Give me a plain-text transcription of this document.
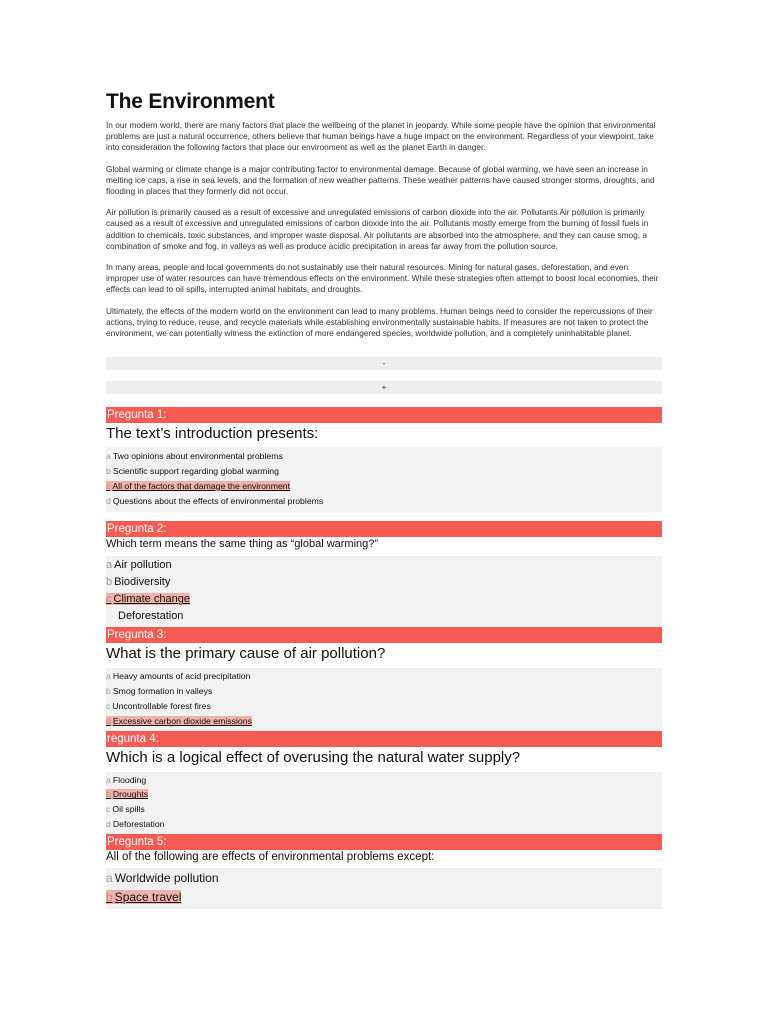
The Environment

In our modern world, there are many factors that place the wellbeing of the planet in jeopardy. While some people have the opinion that environmental problems are just a natural occurrence, others believe that human beings have a huge impact on the environment. Regardless of your viewpoint, take into consideration the following factors that place our environment as well as the planet Earth in danger.

Global warming or climate change is a major contributing factor to environmental damage. Because of global warming, we have seen an increase in melting ice caps, a rise in sea levels, and the formation of new weather patterns. These weather patterns have caused stronger storms, droughts, and flooding in places that they formerly did not occur.

Air pollution is primarily caused as a result of excessive and unregulated emissions of carbon dioxide into the air. Pollutants Air pollution is primarily caused as a result of excessive and unregulated emissions of carbon dioxide into the air. Pollutants mostly emerge from the burning of fossil fuels in addition to chemicals, toxic substances, and improper waste disposal. Air pollutants are absorbed into the atmosphere, and they can cause smog, a combination of smoke and fog, in valleys as well as produce acidic precipitation in areas far away from the pollution source.

In many areas, people and local governments do not sustainably use their natural resources. Mining for natural gases, deforestation, and even improper use of water resources can have tremendous effects on the environment. While these strategies often attempt to boost local economies, their effects can lead to oil spills, interrupted animal habitats, and droughts.

Ultimately, the effects of the modern world on the environment can lead to many problems. Human beings need to consider the repercussions of their actions, trying to reduce, reuse, and recycle materials while establishing environmentally sustainable habits. If measures are not taken to protect the environment, we can potentially witness the extinction of more endangered species, worldwide pollution, and a completely uninhabitable planet.

-
+
Pregunta 1:
The text’s introduction presents:
a Two opinions about environmental problems
b Scientific support regarding global warming
c All of the factors that damage the environment
d Questions about the effects of environmental problems
Pregunta 2:
Which term means the same thing as “global warming?”
a Air pollution
b Biodiversity
c Climate change
Deforestation
Pregunta 3:
What is the primary cause of air pollution?
a Heavy amounts of acid precipitation
b Smog formation in valleys
c Uncontrollable forest fires
d Excessive carbon dioxide emissions
regunta 4:
Which is a logical effect of overusing the natural water supply?
a Flooding
b Droughts
c Oil spills
d Deforestation
Pregunta 5:
All of the following are effects of environmental problems except:
a Worldwide pollution
b Space travel
